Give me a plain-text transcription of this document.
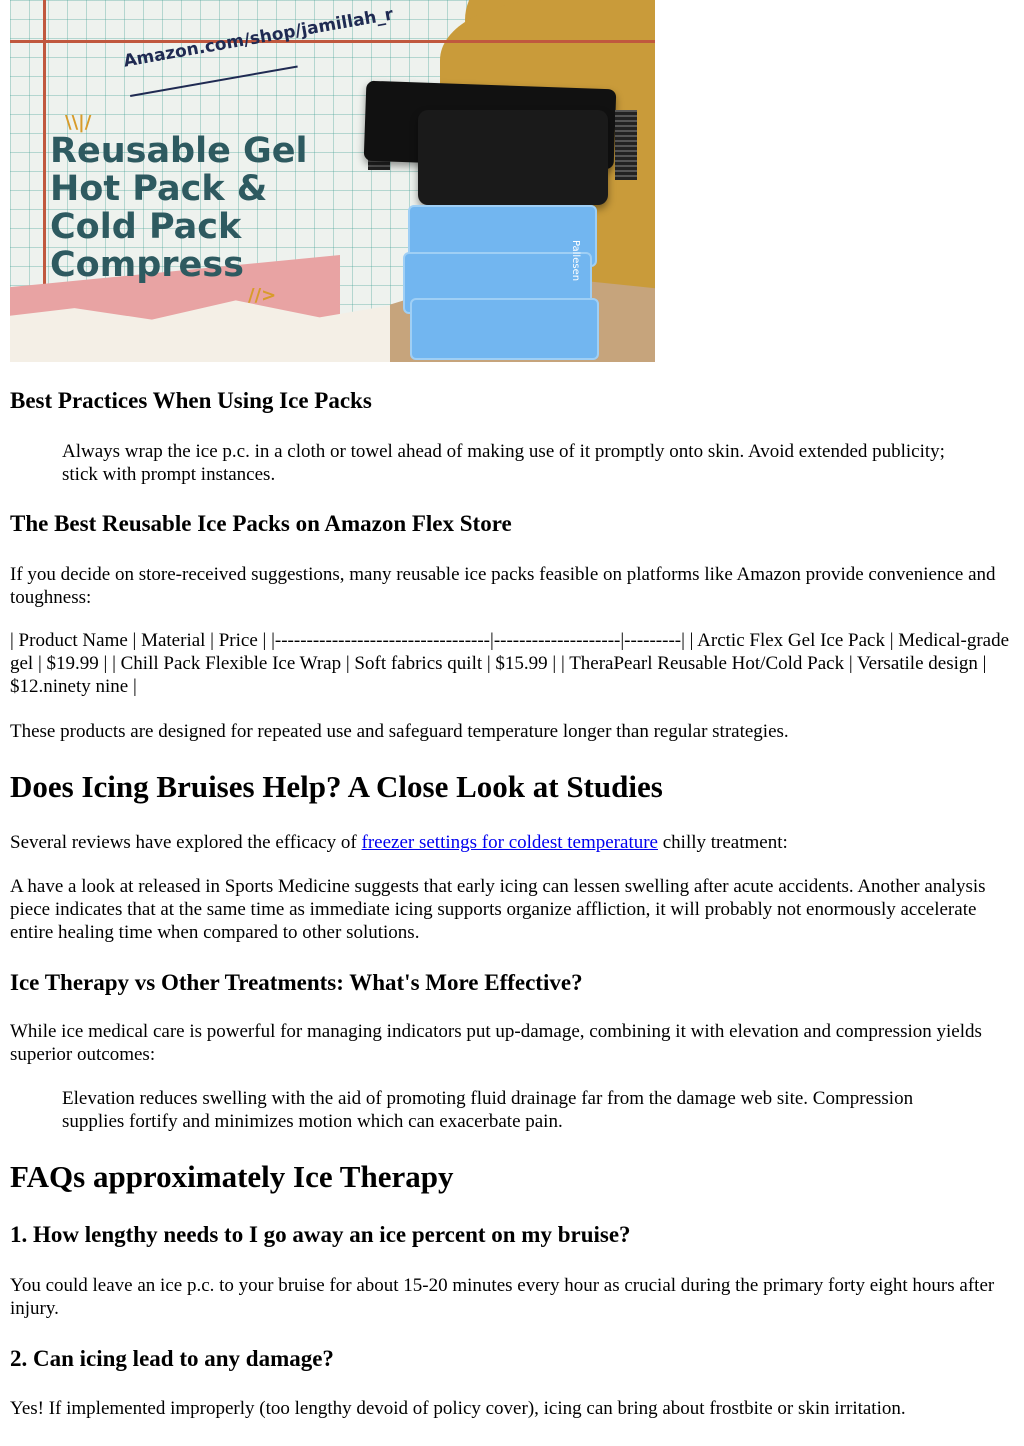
Amazon.com/shop/jamillah_r
\\|/
Reusable Gel Hot Pack & Cold Pack Compress
//>
Pallesen
Best Practices When Using Ice Packs

Always wrap the ice p.c. in a cloth or towel ahead of making use of it promptly onto skin. Avoid extended publicity; stick with prompt instances.

The Best Reusable Ice Packs on Amazon Flex Store

If you decide on store-received suggestions, many reusable ice packs feasible on platforms like Amazon provide convenience and toughness:

| Product Name | Material | Price | |----------------------------------|--------------------|---------| | Arctic Flex Gel Ice Pack | Medical-grade gel | $19.99 | | Chill Pack Flexible Ice Wrap | Soft fabrics quilt | $15.99 | | TheraPearl Reusable Hot/Cold Pack | Versatile design | $12.ninety nine |

These products are designed for repeated use and safeguard temperature longer than regular strategies.

Does Icing Bruises Help? A Close Look at Studies

Several reviews have explored the efficacy of freezer settings for coldest temperature chilly treatment:

A have a look at released in Sports Medicine suggests that early icing can lessen swelling after acute accidents. Another analysis piece indicates that at the same time as immediate icing supports organize affliction, it will probably not enormously accelerate entire healing time when compared to other solutions.

Ice Therapy vs Other Treatments: What's More Effective?

While ice medical care is powerful for managing indicators put up-damage, combining it with elevation and compression yields superior outcomes:

Elevation reduces swelling with the aid of promoting fluid drainage far from the damage web site. Compression supplies fortify and minimizes motion which can exacerbate pain.

FAQs approximately Ice Therapy
1. How lengthy needs to I go away an ice percent on my bruise?

You could leave an ice p.c. to your bruise for about 15-20 minutes every hour as crucial during the primary forty eight hours after injury.

2. Can icing lead to any damage?

Yes! If implemented improperly (too lengthy devoid of policy cover), icing can bring about frostbite or skin irritation.
